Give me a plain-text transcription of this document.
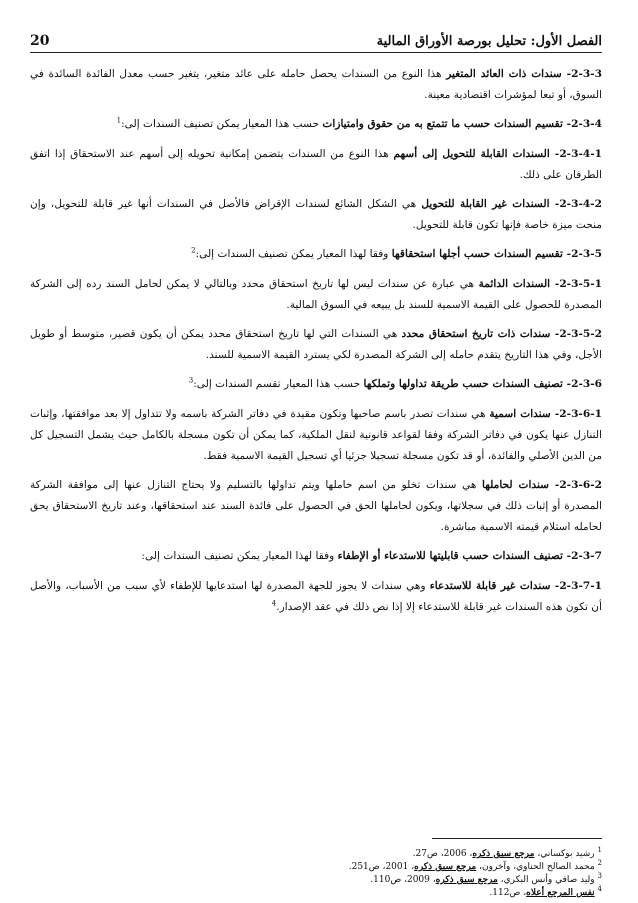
الفصل الأول: تحليل بورصة الأوراق المالية
20

2-3-3- سندات ذات العائد المتغير هذا النوع من السندات يحصل حامله على عائد متغير، يتغير حسب معدل الفائدة السائدة في السوق، أو تبعا لمؤشرات اقتصادية معينة.

2-3-4- تقسيم السندات حسب ما تتمتع به من حقوق وامتيازات حسب هذا المعيار يمكن تصنيف السندات إلى:$^1$

2-3-4-1- السندات القابلة للتحويل إلى أسهم هذا النوع من السندات يتضمن إمكانية تحويله إلى أسهم عند الاستحقاق إذا اتفق الطرفان على ذلك.

2-3-4-2- السندات غير القابلة للتحويل هي الشكل الشائع لسندات الإقراض فالأصل في السندات أنها غير قابلة للتحويل، وإن منحت ميزة خاصة فإنها تكون قابلة للتحويل.

2-3-5- تقسيم السندات حسب أجلها استحقاقها وفقا لهذا المعيار يمكن تصنيف السندات إلى:$^2$

2-3-5-1- السندات الدائمة هي عبارة عن سندات ليس لها تاريخ استحقاق محدد وبالتالي لا يمكن لحامل السند رده إلى الشركة المصدرة للحصول على القيمة الاسمية للسند بل يبيعه في السوق المالية.

2-3-5-2- سندات ذات تاريخ استحقاق محدد هي السندات التي لها تاريخ استحقاق محدد يمكن أن يكون قصير، متوسط أو طويل الأجل، وفي هذا التاريخ يتقدم حامله إلى الشركة المصدرة لكي يسترد القيمة الاسمية للسند.

2-3-6- تصنيف السندات حسب طريقة تداولها وتملكها حسب هذا المعيار تقسم السندات إلى:$^3$

2-3-6-1- سندات اسمية هي سندات تصدر باسم صاحبها وتكون مقيدة في دفاتر الشركة باسمه ولا تتداول إلا بعد موافقتها، وإثبات التنازل عنها يكون في دفاتر الشركة وفقا لقواعد قانونية لنقل الملكية، كما يمكن أن تكون مسجلة بالكامل حيث يشمل التسجيل كل من الدين الأصلي والفائدة، أو قد تكون مسجلة تسجيلا جزئيا أي تسجيل القيمة الاسمية فقط.

2-3-6-2- سندات لحاملها هي سندات تخلو من اسم حاملها ويتم تداولها بالتسليم ولا يحتاج التنازل عنها إلى موافقة الشركة المصدرة أو إثبات ذلك في سجلاتها، ويكون لحاملها الحق في الحصول على فائدة السند عند استحقاقها، وعند تاريخ الاستحقاق يحق لحامله استلام قيمته الاسمية مباشرة.

2-3-7- تصنيف السندات حسب قابليتها للاستدعاء أو الإطفاء وفقا لهذا المعيار يمكن تصنيف السندات إلى:

2-3-7-1- سندات غير قابلة للاستدعاء وهي سندات لا يجوز للجهة المصدرة لها استدعايها للإطفاء لأي سبب من الأسباب، والأصل أن تكون هذه السندات غير قابلة للاستدعاء إلا إذا نص ذلك في عقد الإصدار.$^4$

$^1$ رشيد بوكساني، مرجع سبق ذكره، 2006، ص27.

$^2$ محمد الصالح الحناوي، وآخرون، مرجع سبق ذكره، 2001، ص251.

$^3$ وليد صافي وأنس البكري، مرجع سبق ذكره، 2009، ص110.

$^4$ نفس المرجع أعلاه، ص112.
